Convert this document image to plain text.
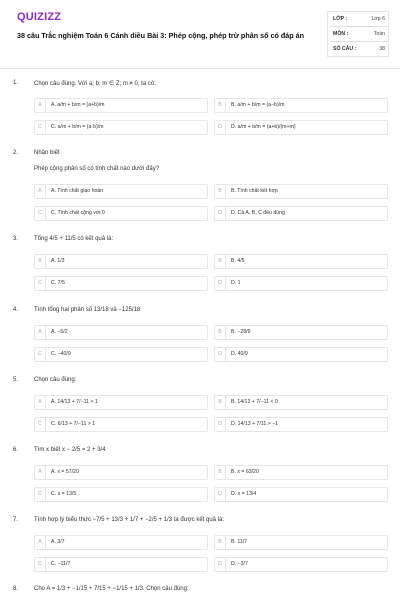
QUIZIZZ
38 câu Trắc nghiệm Toán 6 Cánh diều Bài 3: Phép cộng, phép trừ phân số có đáp án
LỚP :	Lớp 6
MÔN :	Toán
SỐ CÂU :	38
1.	Chọn câu đúng. Với a; b; m ∈ Z; m ≠ 0, ta có:
A	A. a/m + b/m = (a+b)/m	B	B. a/m + b/m = (a−b)/m
C	C. a/m + b/m = (a·b)/m	D	D. a/m + b/m = (a+b)/(m+m)
2.	Nhận biết
Phép cộng phân số có tính chất nào dưới đây?
A	A. Tính chất giao hoán	B	B. Tính chất kết hợp
C	C. Tính chất cộng với 0	D	D. Cả A, B, C đều đúng
3.	Tổng 4/5 + 11/5 có kết quả là:
A	A. 1/3	B	B. 4/5
C	C. 7/5	D	D. 1
4.	Tính tổng hai phân số 13/18 và −125/18
A	A. −5/2	B	B. −28/9
C	C. −40/9	D	D. 40/9
5.	Chọn câu đúng:
A	A. 14/13 + 7/−11 > 1	B	B. 14/13 + 7/−11 < 0
C	C. 6/13 + 7/−11 > 1	D	D. 14/13 + 7/11 > −1
6.	Tìm x biết x − 2/5 = 2 + 3/4
A	A. x = 57/20	B	B. x = 63/20
C	C. x = 13/5	D	D. x = 13/4
7.	Tính hợp lý biểu thức −7/5 + 13/3 + 1/7 + −2/5 + 1/3 ta được kết quả là:
A	A. 3/7	B	B. 11/7
C	C. −11/7	D	D. −3/7
8.	Cho A = 1/3 + −1/15 + 7/15 + −1/15 + 1/3. Chọn câu đúng:
